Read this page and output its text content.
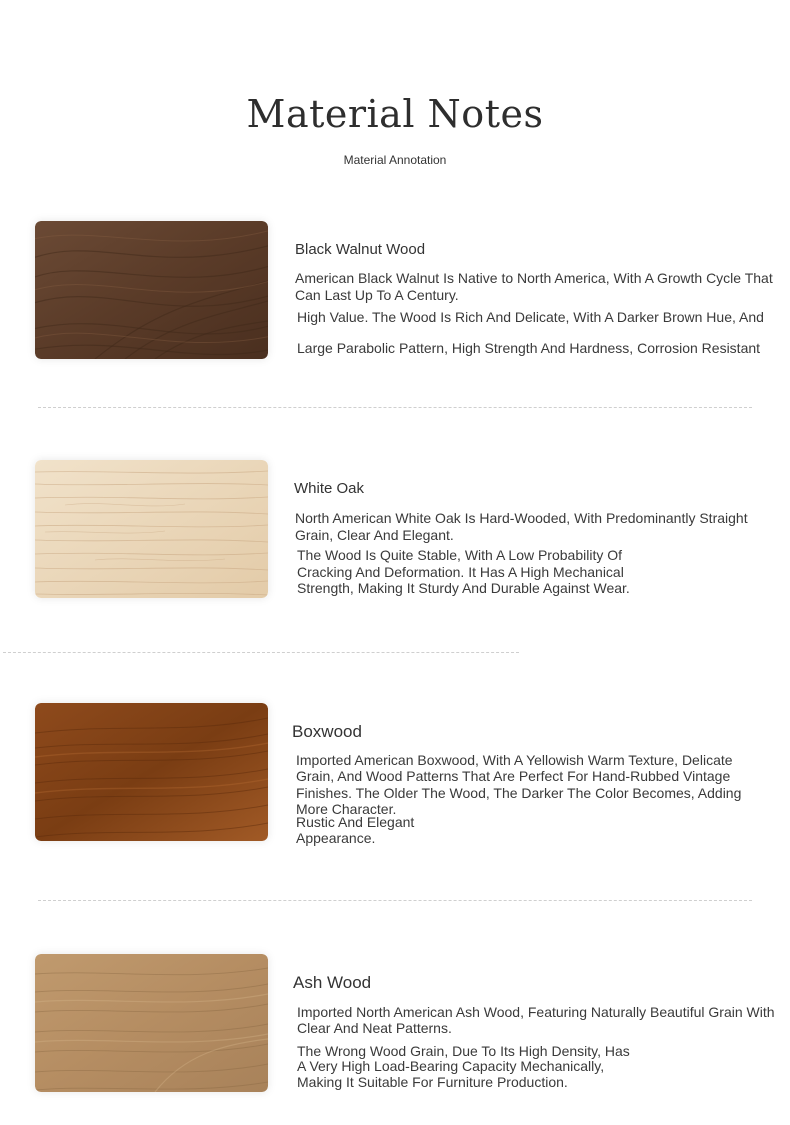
Material Notes
Material Annotation
Black Walnut Wood
American Black Walnut Is Native to North America, With A Growth Cycle That
Can Last Up To A Century.
High Value. The Wood Is Rich And Delicate, With A Darker Brown Hue, And
Large Parabolic Pattern, High Strength And Hardness, Corrosion Resistant
White Oak
North American White Oak Is Hard-Wooded, With Predominantly Straight
Grain, Clear And Elegant.
The Wood Is Quite Stable, With A Low Probability Of
Cracking And Deformation. It Has A High Mechanical
Strength, Making It Sturdy And Durable Against Wear.
Boxwood
Imported American Boxwood, With A Yellowish Warm Texture, Delicate
Grain, And Wood Patterns That Are Perfect For Hand-Rubbed Vintage
Finishes. The Older The Wood, The Darker The Color Becomes, Adding
More Character.
Rustic And Elegant
Appearance.
Ash Wood
Imported North American Ash Wood, Featuring Naturally Beautiful Grain With
Clear And Neat Patterns.
The Wrong Wood Grain, Due To Its High Density, Has
A Very High Load-Bearing Capacity Mechanically,
Making It Suitable For Furniture Production.
